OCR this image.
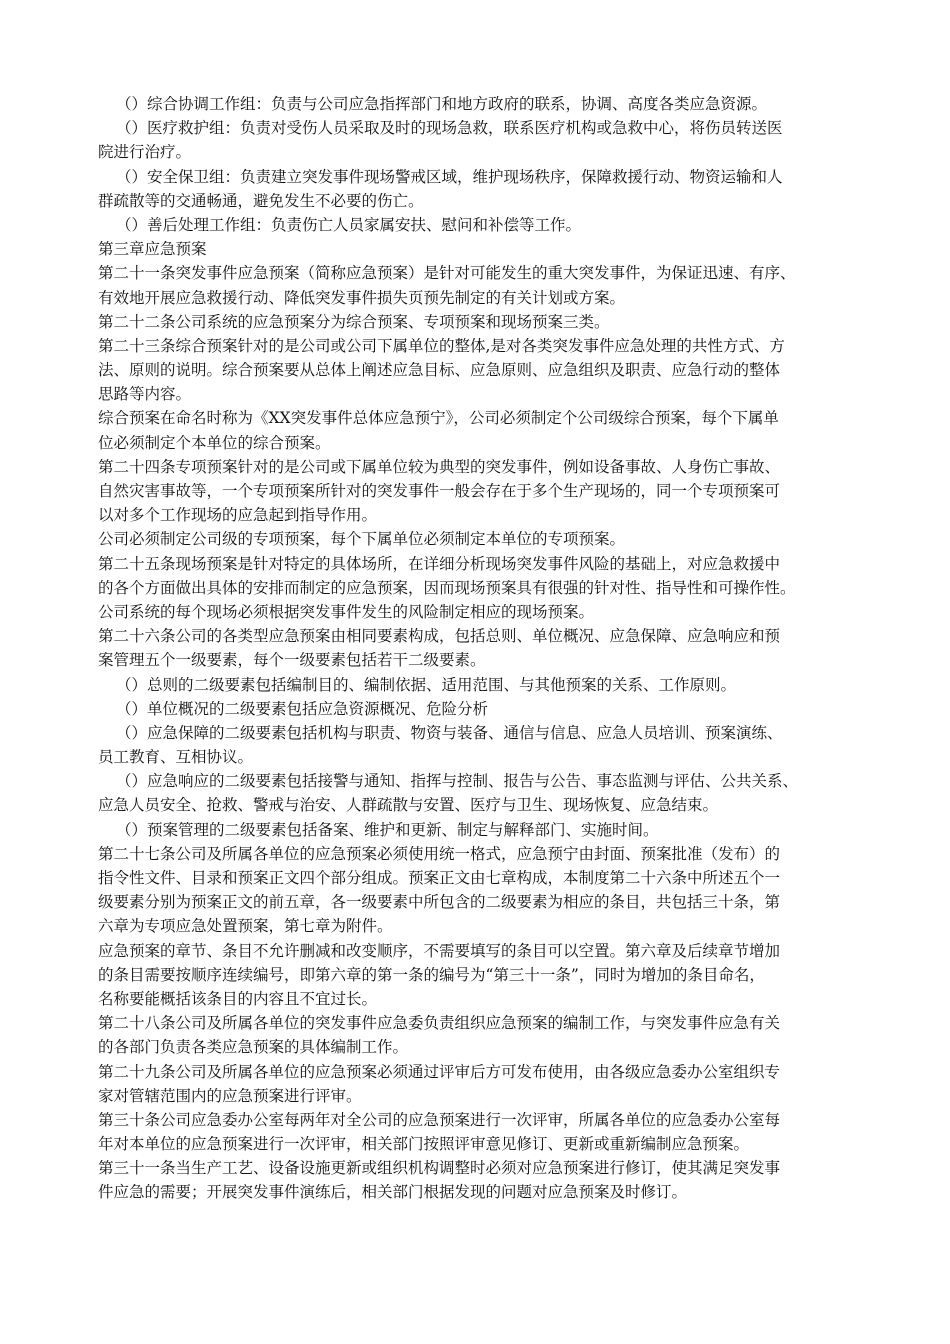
（）综合协调工作组：负责与公司应急指挥部门和地方政府的联系，协调、高度各类应急资源。
（）医疗救护组：负责对受伤人员采取及时的现场急救，联系医疗机构或急救中心，将伤员转送医
院进行治疗。
（）安全保卫组：负责建立突发事件现场警戒区域，维护现场秩序，保障救援行动、物资运输和人
群疏散等的交通畅通，避免发生不必要的伤亡。
（）善后处理工作组：负责伤亡人员家属安扶、慰问和补偿等工作。
第三章应急预案
第二十一条突发事件应急预案（简称应急预案）是针对可能发生的重大突发事件，为保证迅速、有序、
有效地开展应急救援行动、降低突发事件损失页预先制定的有关计划或方案。
第二十二条公司系统的应急预案分为综合预案、专项预案和现场预案三类。
第二十三条综合预案针对的是公司或公司下属单位的整体,是对各类突发事件应急处理的共性方式、方
法、原则的说明。综合预案要从总体上阐述应急目标、应急原则、应急组织及职责、应急行动的整体
思路等内容。
综合预案在命名时称为《XX突发事件总体应急预宁》，公司必须制定个公司级综合预案，每个下属单
位必须制定个本单位的综合预案。
第二十四条专项预案针对的是公司或下属单位较为典型的突发事件，例如设备事故、人身伤亡事故、
自然灾害事故等，一个专项预案所针对的突发事件一般会存在于多个生产现场的，同一个专项预案可
以对多个工作现场的应急起到指导作用。
公司必须制定公司级的专项预案，每个下属单位必须制定本单位的专项预案。
第二十五条现场预案是针对特定的具体场所，在详细分析现场突发事件风险的基础上，对应急救援中
的各个方面做出具体的安排而制定的应急预案，因而现场预案具有很强的针对性、指导性和可操作性。
公司系统的每个现场必须根据突发事件发生的风险制定相应的现场预案。
第二十六条公司的各类型应急预案由相同要素构成，包括总则、单位概况、应急保障、应急响应和预
案管理五个一级要素，每个一级要素包括若干二级要素。
（）总则的二级要素包括编制目的、编制依据、适用范围、与其他预案的关系、工作原则。
（）单位概况的二级要素包括应急资源概况、危险分析
（）应急保障的二级要素包括机构与职责、物资与装备、通信与信息、应急人员培训、预案演练、
员工教育、互相协议。
（）应急响应的二级要素包括接警与通知、指挥与控制、报告与公告、事态监测与评估、公共关系、
应急人员安全、抢救、警戒与治安、人群疏散与安置、医疗与卫生、现场恢复、应急结束。
（）预案管理的二级要素包括备案、维护和更新、制定与解释部门、实施时间。
第二十七条公司及所属各单位的应急预案必须使用统一格式，应急预宁由封面、预案批准（发布）的
指令性文件、目录和预案正文四个部分组成。预案正文由七章构成，本制度第二十六条中所述五个一
级要素分别为预案正文的前五章，各一级要素中所包含的二级要素为相应的条目，共包括三十条，第
六章为专项应急处置预案，第七章为附件。
应急预案的章节、条目不允许删减和改变顺序，不需要填写的条目可以空置。第六章及后续章节增加
的条目需要按顺序连续编号，即第六章的第一条的编号为“第三十一条”，同时为增加的条目命名，
名称要能概括该条目的内容且不宜过长。
第二十八条公司及所属各单位的突发事件应急委负责组织应急预案的编制工作，与突发事件应急有关
的各部门负责各类应急预案的具体编制工作。
第二十九条公司及所属各单位的应急预案必须通过评审后方可发布使用，由各级应急委办公室组织专
家对管辖范围内的应急预案进行评审。
第三十条公司应急委办公室每两年对全公司的应急预案进行一次评审，所属各单位的应急委办公室每
年对本单位的应急预案进行一次评审，相关部门按照评审意见修订、更新或重新编制应急预案。
第三十一条当生产工艺、设备设施更新或组织机构调整时必须对应急预案进行修订，使其满足突发事
件应急的需要；开展突发事件演练后，相关部门根据发现的问题对应急预案及时修订。
